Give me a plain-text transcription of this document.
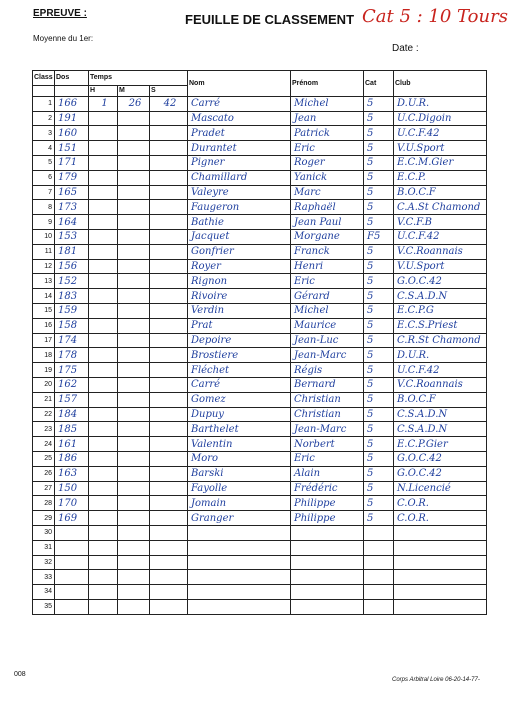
EPREUVE :	FEUILLE DE CLASSEMENT Cat 5 : 10 Tours
Moyenne du 1er:
Date :
Class	Dos	Temps			Nom	Prénom	Cat	Club
		H	M	S				
1	166	1	26	42	Carré	Michel	5	D.U.R.
2	191				Mascato	Jean	5	U.C.Digoin
3	160				Pradet	Patrick	5	U.C.F.42
4	151				Durantet	Eric	5	V.U.Sport
5	171				Pigner	Roger	5	E.C.M.Gier
6	179				Chamillard	Yanick	5	E.C.P.
7	165				Valeyre	Marc	5	B.O.C.F
8	173				Faugeron	Raphaël	5	C.A.St Chamond
9	164				Bathie	Jean Paul	5	V.C.F.B
10	153				Jacquet	Morgane	F5	U.C.F.42
11	181				Gonfrier	Franck	5	V.C.Roannais
12	156				Royer	Henri	5	V.U.Sport
13	152				Rignon	Eric	5	G.O.C.42
14	183				Rivoire	Gérard	5	C.S.A.D.N
15	159				Verdin	Michel	5	E.C.P.G
16	158				Prat	Maurice	5	E.C.S.Priest
17	174				Depoire	Jean-Luc	5	C.R.St Chamond
18	178				Brostiere	Jean-Marc	5	D.U.R.
19	175				Fléchet	Régis	5	U.C.F.42
20	162				Carré	Bernard	5	V.C.Roannais
21	157				Gomez	Christian	5	B.O.C.F
22	184				Dupuy	Christian	5	C.S.A.D.N
23	185				Barthelet	Jean-Marc	5	C.S.A.D.N
24	161				Valentin	Norbert	5	E.C.P.Gier
25	186				Moro	Eric	5	G.O.C.42
26	163				Barski	Alain	5	G.O.C.42
27	150				Fayolle	Frédéric	5	N.Licencié
28	170				Jomain	Philippe	5	C.O.R.
29	169				Granger	Philippe	5	C.O.R.
30								
31								
32								
33								
34								
35								
008
Corps Arbitral Loire 06-20-14-77-
